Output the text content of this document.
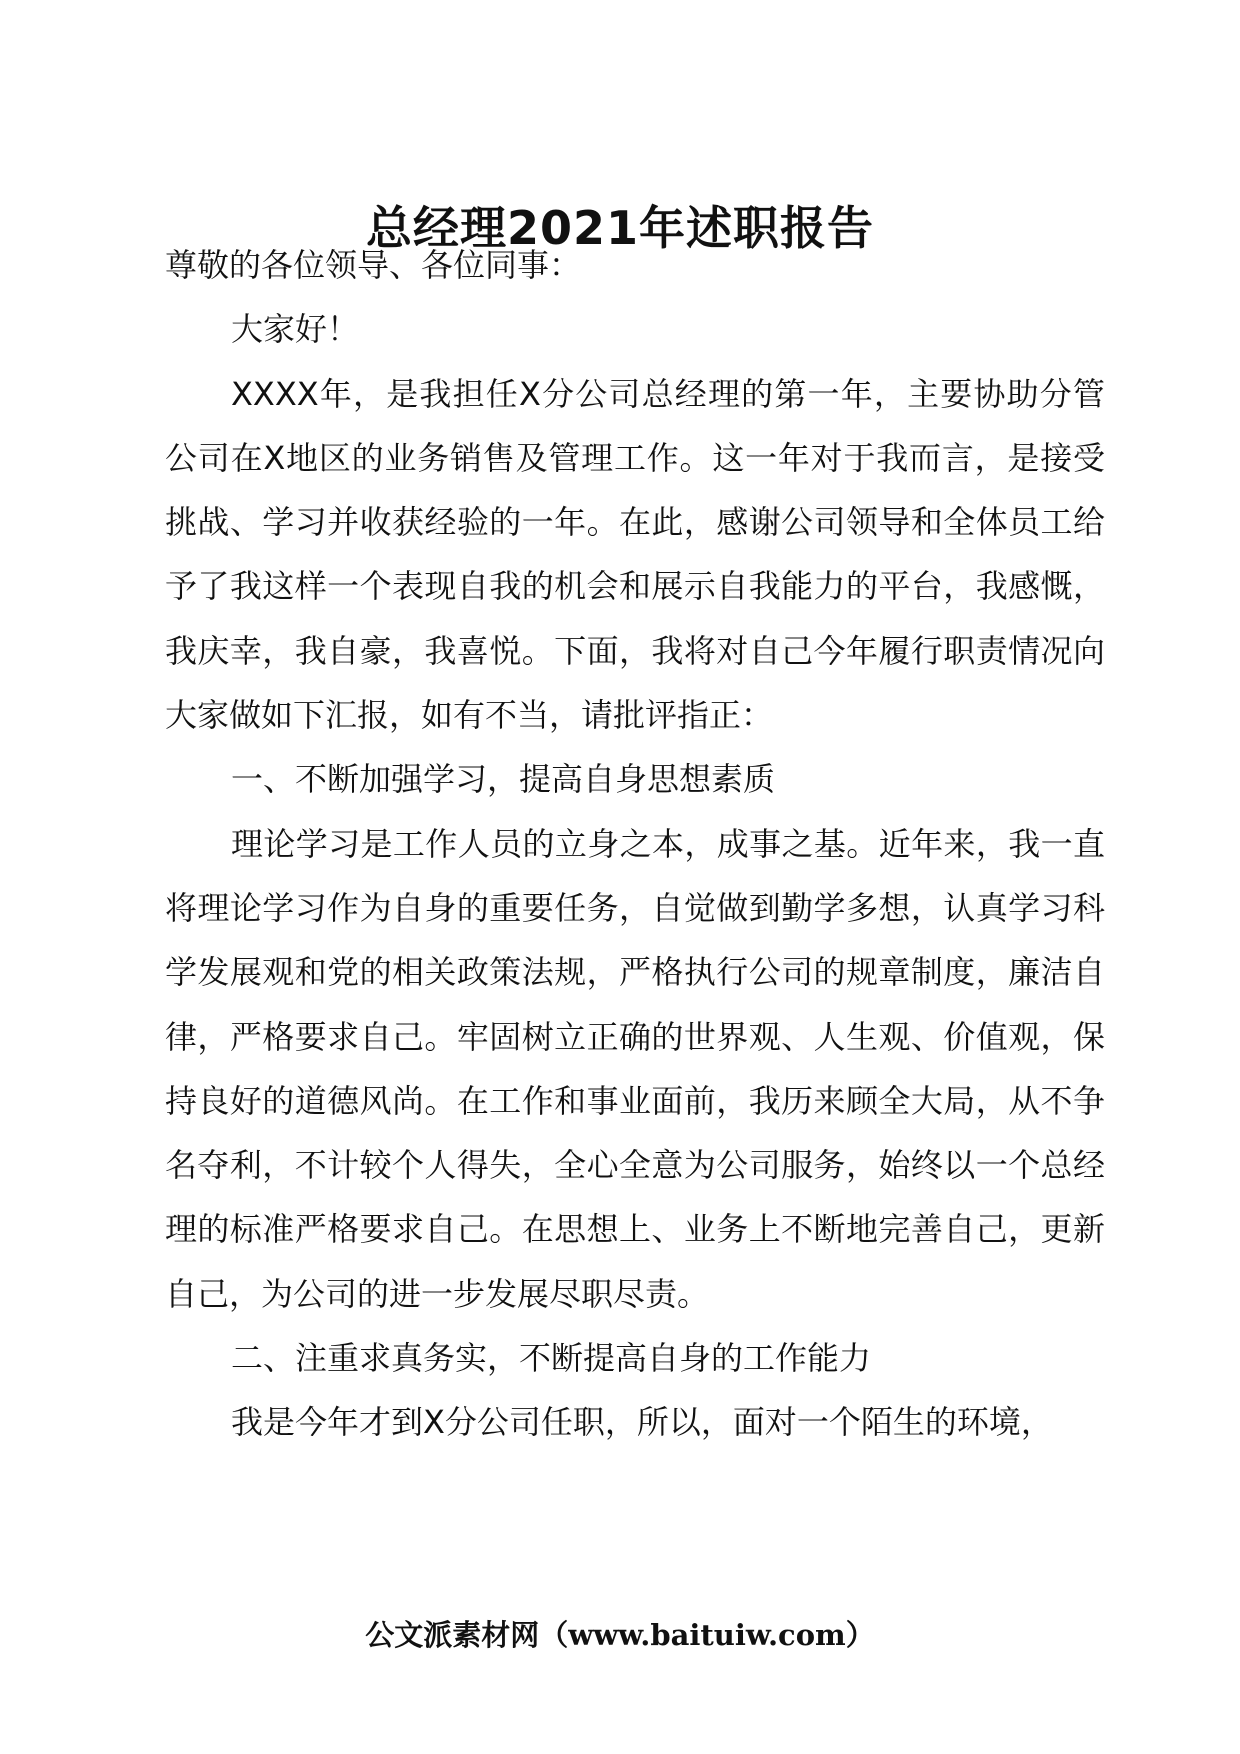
总经理2021年述职报告

尊敬的各位领导、各位同事：

大家好！

XXXX年，是我担任X分公司总经理的第一年，主要协助分管公司在X地区的业务销售及管理工作。这一年对于我而言，是接受挑战、学习并收获经验的一年。在此，感谢公司领导和全体员工给予了我这样一个表现自我的机会和展示自我能力的平台，我感慨，我庆幸，我自豪，我喜悦。下面，我将对自己今年履行职责情况向大家做如下汇报，如有不当，请批评指正：

一、不断加强学习，提高自身思想素质

理论学习是工作人员的立身之本，成事之基。近年来，我一直将理论学习作为自身的重要任务，自觉做到勤学多想，认真学习科学发展观和党的相关政策法规，严格执行公司的规章制度，廉洁自律，严格要求自己。牢固树立正确的世界观、人生观、价值观，保持良好的道德风尚。在工作和事业面前，我历来顾全大局，从不争名夺利，不计较个人得失，全心全意为公司服务，始终以一个总经理的标准严格要求自己。在思想上、业务上不断地完善自己，更新自己，为公司的进一步发展尽职尽责。

二、注重求真务实，不断提高自身的工作能力

我是今年才到X分公司任职，所以，面对一个陌生的环境，

公文派素材网（www.baituiw.com）
